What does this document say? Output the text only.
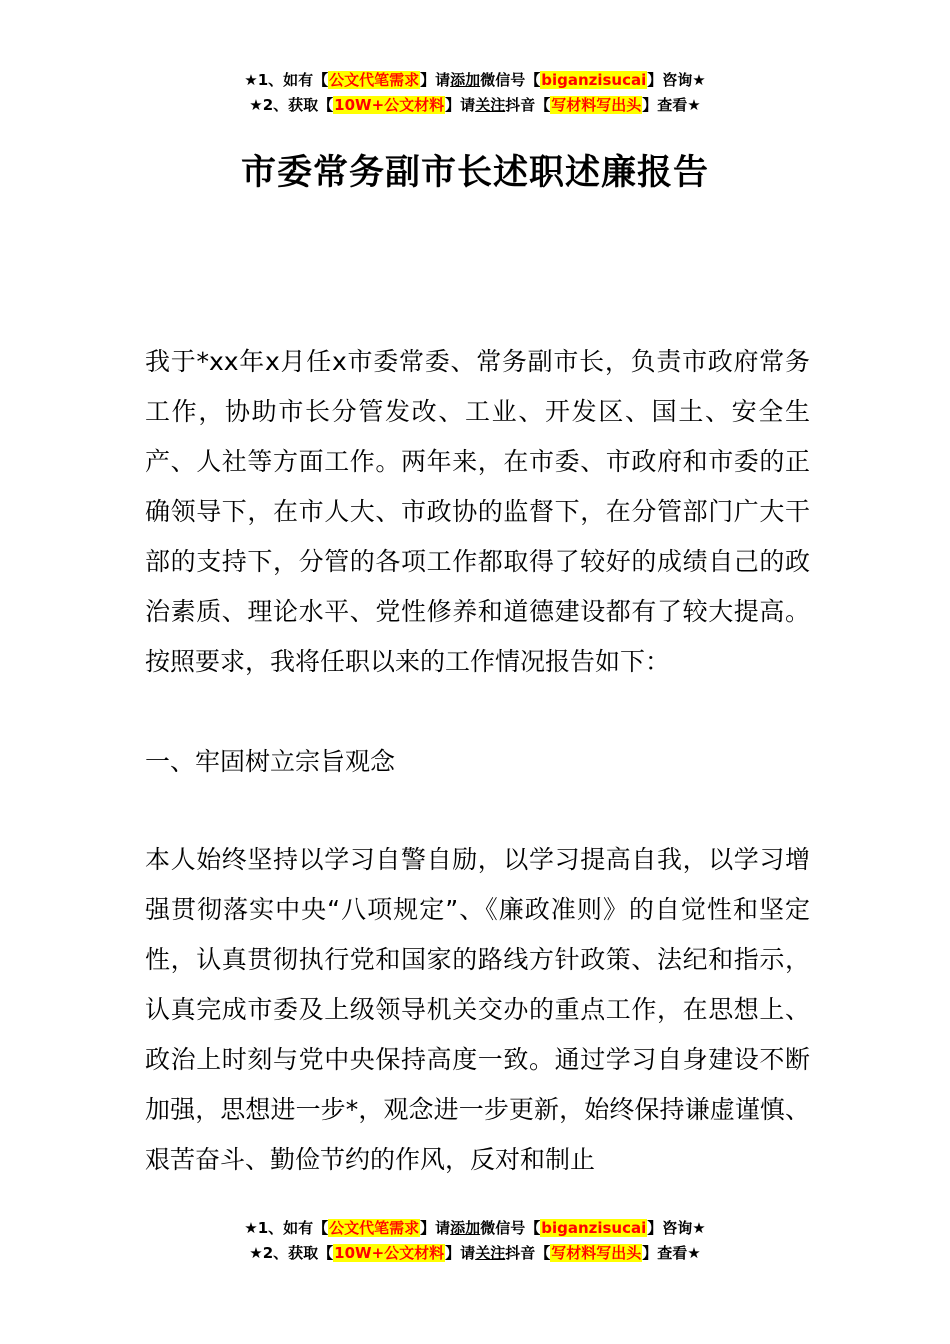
★1、如有【公文代笔需求】请添加微信号【biganzisucai】咨询★
★2、获取【10W+公文材料】请关注抖音【写材料写出头】查看★
市委常务副市长述职述廉报告
我于*xx年x月任x市委常委、常务副市长，负责市政府常务工作，协助市长分管发改、工业、开发区、国土、安全生产、人社等方面工作。两年来，在市委、市政府和市委的正确领导下，在市人大、市政协的监督下，在分管部门广大干部的支持下，分管的各项工作都取得了较好的成绩自己的政治素质、理论水平、党性修养和道德建设都有了较大提高。按照要求，我将任职以来的工作情况报告如下：
一、牢固树立宗旨观念
本人始终坚持以学习自警自励，以学习提高自我，以学习增强贯彻落实中央“八项规定”、《廉政准则》的自觉性和坚定性，认真贯彻执行党和国家的路线方针政策、法纪和指示，认真完成市委及上级领导机关交办的重点工作，在思想上、政治上时刻与党中央保持高度一致。通过学习自身建设不断加强，思想进一步*，观念进一步更新，始终保持谦虚谨慎、艰苦奋斗、勤俭节约的作风，反对和制止
★1、如有【公文代笔需求】请添加微信号【biganzisucai】咨询★
★2、获取【10W+公文材料】请关注抖音【写材料写出头】查看★
